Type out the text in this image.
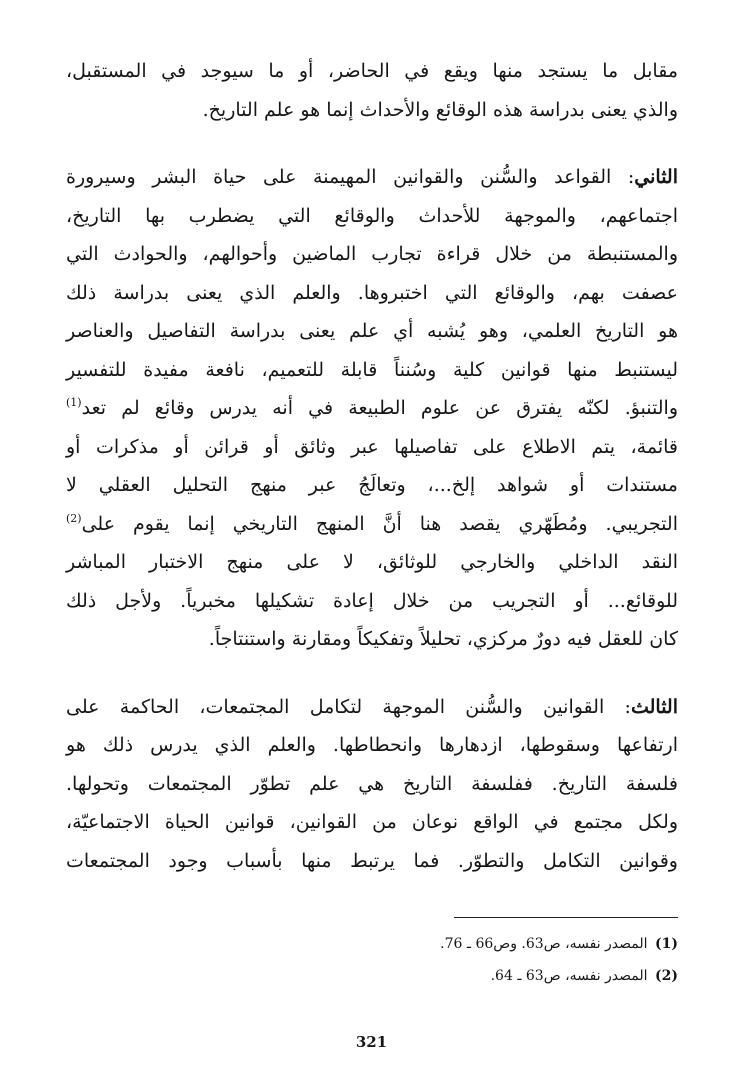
مقابل ما يستجد منها ويقع في الحاضر، أو ما سيوجد في المستقبل،
والذي يعنى بدراسة هذه الوقائع والأحداث إنما هو علم التاريخ.

الثاني: القواعد والسُّنن والقوانين المهيمنة على حياة البشر وسيرورة
اجتماعهم، والموجهة للأحداث والوقائع التي يضطرب بها التاريخ،
والمستنبطة من خلال قراءة تجارب الماضين وأحوالهم، والحوادث التي
عصفت بهم، والوقائع التي اختبروها. والعلم الذي يعنى بدراسة ذلك
هو التاريخ العلمي، وهو يُشبه أي علم يعنى بدراسة التفاصيل والعناصر
ليستنبط منها قوانين كلية وسُنناً قابلة للتعميم، نافعة مفيدة للتفسير
والتنبؤ. لكنّه يفترق عن علوم الطبيعة في أنه يدرس وقائع لم تعد$^{(1)}$
قائمة، يتم الاطلاع على تفاصيلها عبر وثائق أو قرائن أو مذكرات أو
مستندات أو شواهد إلخ...، وتعالَجُ عبر منهج التحليل العقلي لا
التجريبي. ومُطَهّري يقصد هنا أنَّ المنهج التاريخي إنما يقوم على$^{(2)}$
النقد الداخلي والخارجي للوثائق، لا على منهج الاختبار المباشر
للوقائع... أو التجريب من خلال إعادة تشكيلها مخبرياً. ولأجل ذلك
كان للعقل فيه دورٌ مركزي، تحليلاً وتفكيكاً ومقارنة واستنتاجاً.

الثالث: القوانين والسُّنن الموجهة لتكامل المجتمعات، الحاكمة على
ارتفاعها وسقوطها، ازدهارها وانحطاطها. والعلم الذي يدرس ذلك هو
فلسفة التاريخ. ففلسفة التاريخ هي علم تطوّر المجتمعات وتحولها.
ولكل مجتمع في الواقع نوعان من القوانين، قوانين الحياة الاجتماعيّة،
وقوانين التكامل والتطوّر. فما يرتبط منها بأسباب وجود المجتمعات

(1) المصدر نفسه، ص63. وص66 ـ 76.
(2) المصدر نفسه، ص63 ـ 64.
321
